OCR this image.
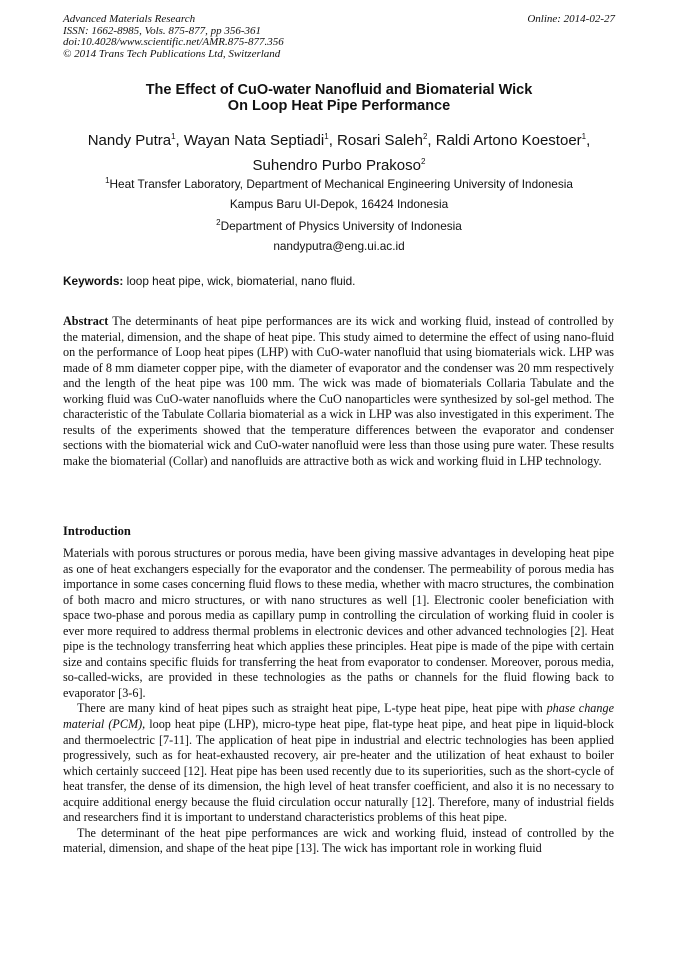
Advanced Materials Research
ISSN: 1662-8985, Vols. 875-877, pp 356-361
doi:10.4028/www.scientific.net/AMR.875-877.356
© 2014 Trans Tech Publications Ltd, Switzerland
Online: 2014-02-27
The Effect of CuO-water Nanofluid and Biomaterial Wick
On Loop Heat Pipe Performance
Nandy Putra$^1$, Wayan Nata Septiadi$^1$, Rosari Saleh$^2$, Raldi Artono Koestoer$^1$,
Suhendro Purbo Prakoso$^2$
$^1$Heat Transfer Laboratory, Department of Mechanical Engineering University of Indonesia
Kampus Baru UI-Depok, 16424 Indonesia
$^2$Department of Physics University of Indonesia
nandyputra@eng.ui.ac.id
Keywords: loop heat pipe, wick, biomaterial, nano fluid.

Abstract The determinants of heat pipe performances are its wick and working fluid, instead of controlled by the material, dimension, and the shape of heat pipe. This study aimed to determine the effect of using nano-fluid on the performance of Loop heat pipes (LHP) with CuO-water nanofluid that using biomaterials wick. LHP was made of 8 mm diameter copper pipe, with the diameter of evaporator and the condenser was 20 mm respectively and the length of the heat pipe was 100 mm. The wick was made of biomaterials Collaria Tabulate and the working fluid was CuO-water nanofluids where the CuO nanoparticles were synthesized by sol-gel method. The characteristic of the Tabulate Collaria biomaterial as a wick in LHP was also investigated in this experiment. The results of the experiments showed that the temperature differences between the evaporator and condenser sections with the biomaterial wick and CuO-water nanofluid were less than those using pure water. These results make the biomaterial (Collar) and nanofluids are attractive both as wick and working fluid in LHP technology.

Introduction

Materials with porous structures or porous media, have been giving massive advantages in developing heat pipe as one of heat exchangers especially for the evaporator and the condenser. The permeability of porous media has importance in some cases concerning fluid flows to these media, whether with macro structures, the combination of both macro and micro structures, or with nano structures as well [1]. Electronic cooler beneficiation with space two-phase and porous media as capillary pump in controlling the circulation of working fluid in cooler is ever more required to address thermal problems in electronic devices and other advanced technologies [2]. Heat pipe is the technology transferring heat which applies these principles. Heat pipe is made of the pipe with certain size and contains specific fluids for transferring the heat from evaporator to condenser. Moreover, porous media, so-called-wicks, are provided in these technologies as the paths or channels for the fluid flowing back to evaporator [3-6].

There are many kind of heat pipes such as straight heat pipe, L-type heat pipe, heat pipe with phase change material (PCM), loop heat pipe (LHP), micro-type heat pipe, flat-type heat pipe, and heat pipe in liquid-block and thermoelectric [7-11]. The application of heat pipe in industrial and electric technologies has been applied progressively, such as for heat-exhausted recovery, air pre-heater and the utilization of heat exhaust to boiler which certainly succeed [12]. Heat pipe has been used recently due to its superiorities, such as the short-cycle of heat transfer, the dense of its dimension, the high level of heat transfer coefficient, and also it is no necessary to acquire additional energy because the fluid circulation occur naturally [12]. Therefore, many of industrial fields and researchers find it is important to understand characteristics problems of this heat pipe.

The determinant of the heat pipe performances are wick and working fluid, instead of controlled by the material, dimension, and shape of the heat pipe [13]. The wick has important role in working fluid
